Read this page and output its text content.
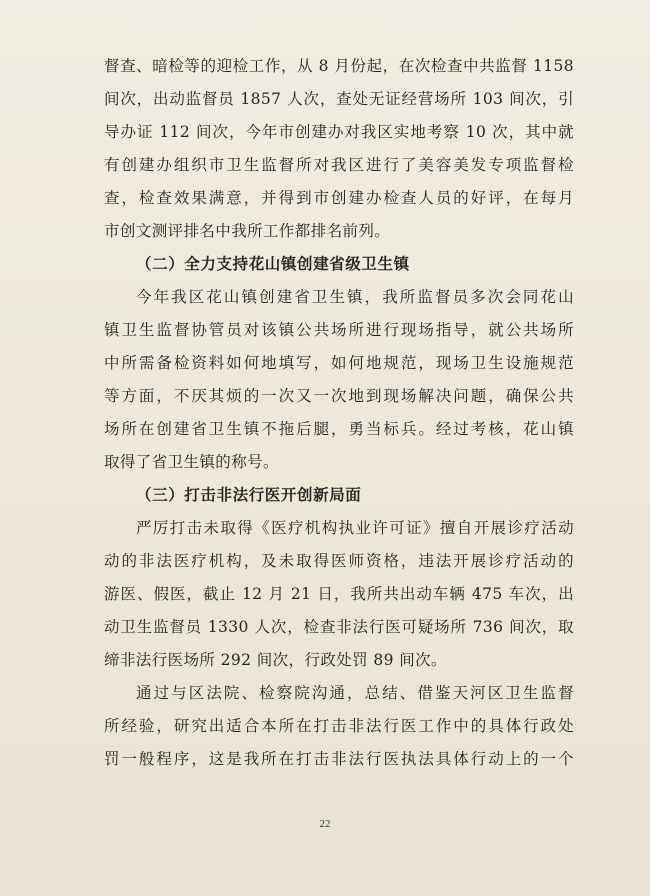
督查、暗检等的迎检工作，从 8 月份起，在次检查中共监督 1158
间次，出动监督员 1857 人次，查处无证经营场所 103 间次，引
导办证 112 间次，今年市创建办对我区实地考察 10 次，其中就
有创建办组织市卫生监督所对我区进行了美容美发专项监督检
查，检查效果满意，并得到市创建办检查人员的好评，在每月
市创文测评排名中我所工作都排名前列。
（二）全力支持花山镇创建省级卫生镇
今年我区花山镇创建省卫生镇，我所监督员多次会同花山
镇卫生监督协管员对该镇公共场所进行现场指导，就公共场所
中所需备检资料如何地填写，如何地规范，现场卫生设施规范
等方面，不厌其烦的一次又一次地到现场解决问题，确保公共
场所在创建省卫生镇不拖后腿，勇当标兵。经过考核，花山镇
取得了省卫生镇的称号。
（三）打击非法行医开创新局面
严厉打击未取得《医疗机构执业许可证》擅自开展诊疗活动
动的非法医疗机构，及未取得医师资格，违法开展诊疗活动的
游医、假医，截止 12 月 21 日，我所共出动车辆 475 车次，出
动卫生监督员 1330 人次，检查非法行医可疑场所 736 间次，取
缔非法行医场所 292 间次，行政处罚 89 间次。
通过与区法院、检察院沟通，总结、借鉴天河区卫生监督
所经验，研究出适合本所在打击非法行医工作中的具体行政处
罚一般程序，这是我所在打击非法行医执法具体行动上的一个
22
